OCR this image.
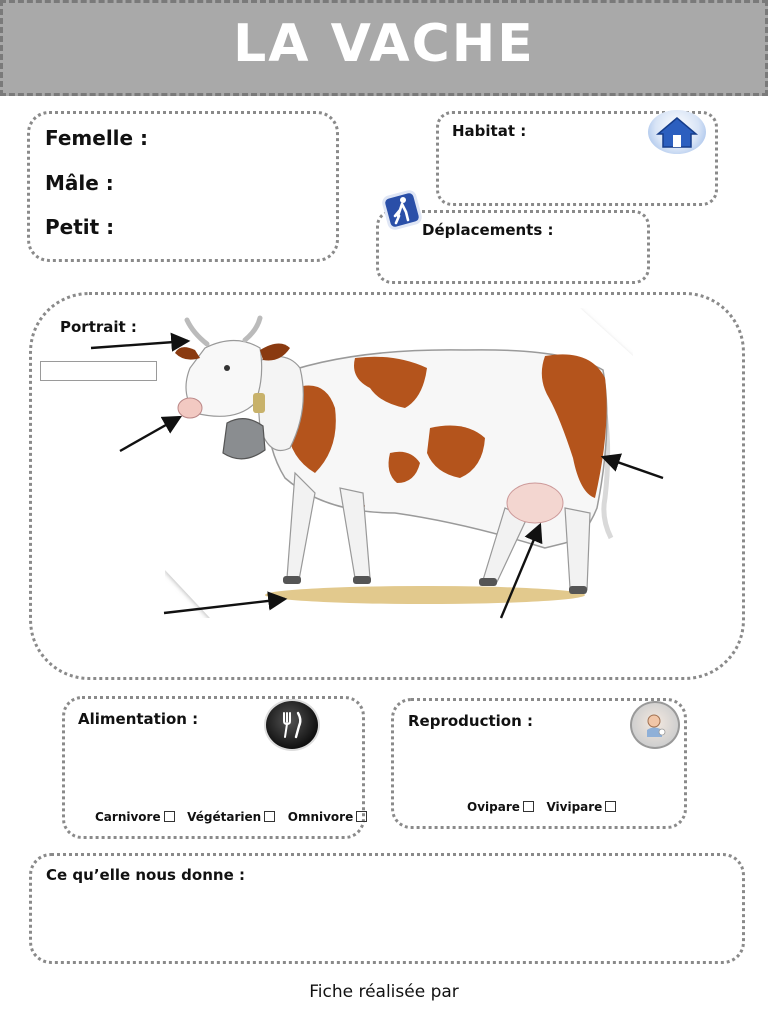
LA VACHE
Femelle :
Mâle :
Petit :
Habitat :
Déplacements :
Portrait :
Alimentation :
Carnivore Végétarien Omnivore
Reproduction :
Ovipare Vivipare
Ce qu’elle nous donne :
Fiche réalisée par
